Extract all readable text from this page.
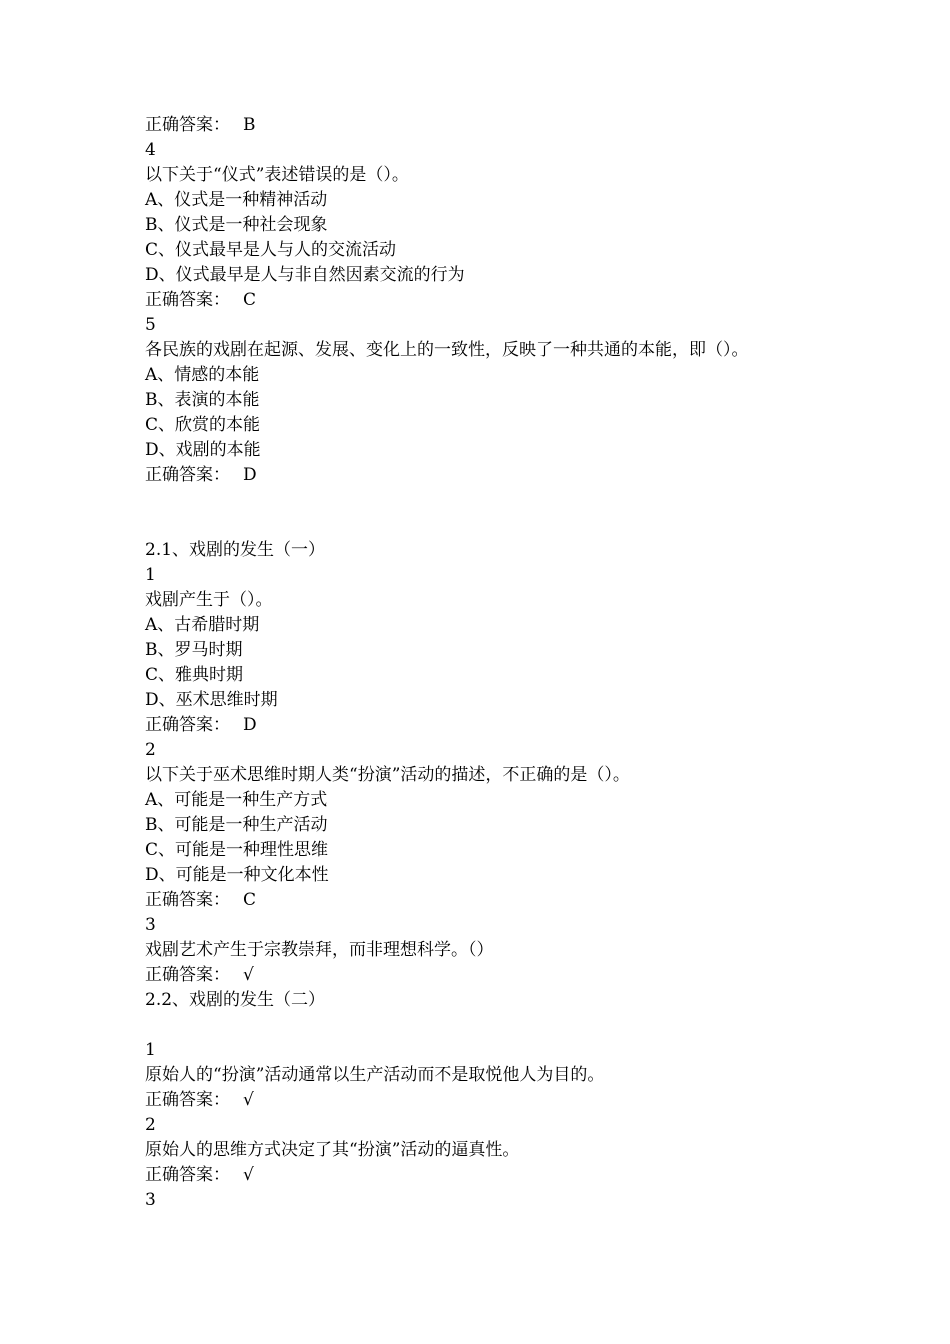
正确答案： B
4
以下关于“仪式”表述错误的是（）。
A、仪式是一种精神活动
B、仪式是一种社会现象
C、仪式最早是人与人的交流活动
D、仪式最早是人与非自然因素交流的行为
正确答案： C
5
各民族的戏剧在起源、发展、变化上的一致性，反映了一种共通的本能，即（）。
A、情感的本能
B、表演的本能
C、欣赏的本能
D、戏剧的本能
正确答案： D
2.1、戏剧的发生（一）
1
戏剧产生于（）。
A、古希腊时期
B、罗马时期
C、雅典时期
D、巫术思维时期
正确答案： D
2
以下关于巫术思维时期人类“扮演”活动的描述，不正确的是（）。
A、可能是一种生产方式
B、可能是一种生产活动
C、可能是一种理性思维
D、可能是一种文化本性
正确答案： C
3
戏剧艺术产生于宗教崇拜，而非理想科学。（）
正确答案： √
2.2、戏剧的发生（二）
1
原始人的“扮演”活动通常以生产活动而不是取悦他人为目的。
正确答案： √
2
原始人的思维方式决定了其“扮演”活动的逼真性。
正确答案： √
3
